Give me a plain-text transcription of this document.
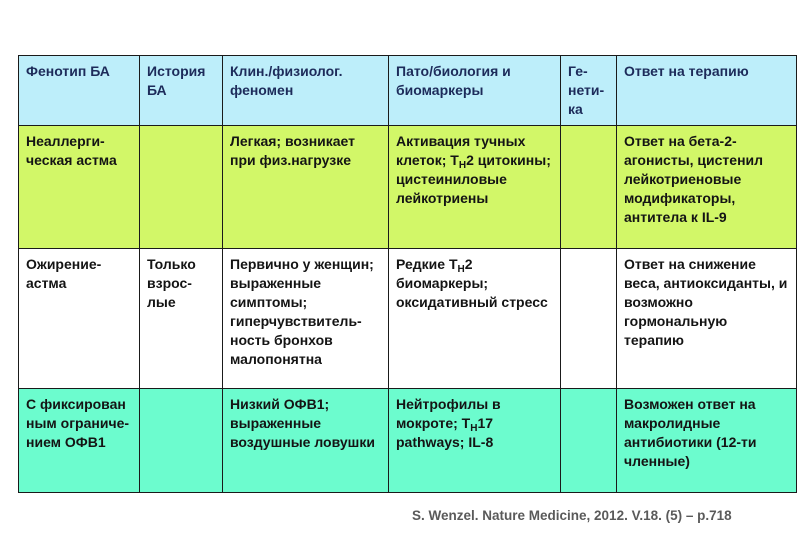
Фенотип БА	История БА	Клин./физиолог. феномен	Пато/биология и биомаркеры	Ге- нети- ка	Ответ на терапию
Неаллерги- ческая астма		Легкая; возникает при физ.нагрузке	Активация тучных клеток; $T_H2$ цитокины; цистеиниловые лейкотриены		Ответ на бета-2- агонисты, цистенил лейкотриеновые модификаторы, антитела к IL-9
Ожирение- астма	Только взрос- лые	Первично у женщин; выраженные симптомы; гиперчувствитель- ность бронхов малопонятна	Редкие $T_H2$ биомаркеры; оксидативный стресс		Ответ на снижение веса, антиоксиданты, и возможно гормональную терапию
С фиксирован ным ограниче- нием ОФВ1		Низкий ОФВ1; выраженные воздушные ловушки	Нейтрофилы в мокроте; $T_H17$ pathways; IL-8		Возможен ответ на макролидные антибиотики (12-ти членные)
S. Wenzel. Nature Medicine, 2012. V.18. (5) – p.718
